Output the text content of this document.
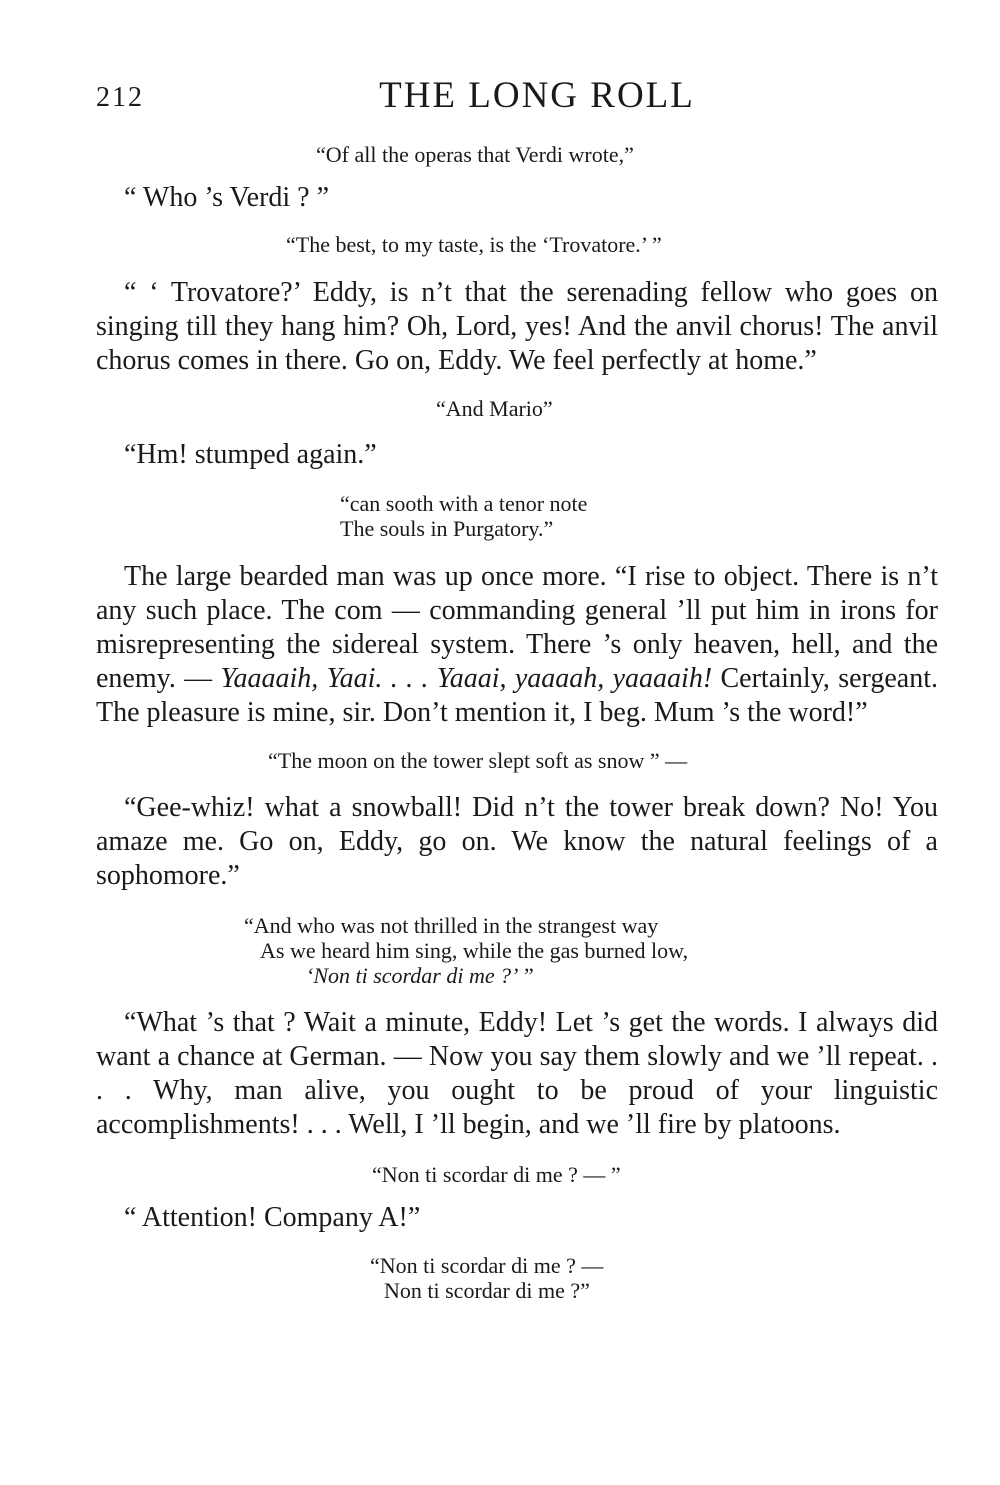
212	THE LONG ROLL

“Of all the operas that Verdi wrote,”

“ Who ’s Verdi ? ”

“The best, to my taste, is the ‘Trovatore.’ ”

“ ‘ Trovatore?’ Eddy, is n’t that the serenading fellow who goes on singing till they hang him? Oh, Lord, yes! And the anvil chorus! The anvil chorus comes in there. Go on, Eddy. We feel perfectly at home.”

“And Mario”

“Hm! stumped again.”

“can sooth with a tenor note
The souls in Purgatory.”

The large bearded man was up once more. “I rise to object. There is n’t any such place. The com — commanding general ’ll put him in irons for misrepresenting the sidereal system. There ’s only heaven, hell, and the enemy. — Yaaaaih, Yaai. . . . Yaaai, yaaaah, yaaaaih! Certainly, sergeant. The pleasure is mine, sir. Don’t mention it, I beg. Mum ’s the word!”

“The moon on the tower slept soft as snow ” —

“Gee-whiz! what a snowball! Did n’t the tower break down? No! You amaze me. Go on, Eddy, go on. We know the natural feelings of a sophomore.”

“And who was not thrilled in the strangest way
As we heard him sing, while the gas burned low,
‘Non ti scordar di me ?’ ”

“What ’s that ? Wait a minute, Eddy! Let ’s get the words. I always did want a chance at German. — Now you say them slowly and we ’ll repeat. . . . Why, man alive, you ought to be proud of your linguistic accomplishments! . . . Well, I ’ll begin, and we ’ll fire by platoons.

“Non ti scordar di me ? — ”

“ Attention! Company A!”

“Non ti scordar di me ? —
Non ti scordar di me ?”
